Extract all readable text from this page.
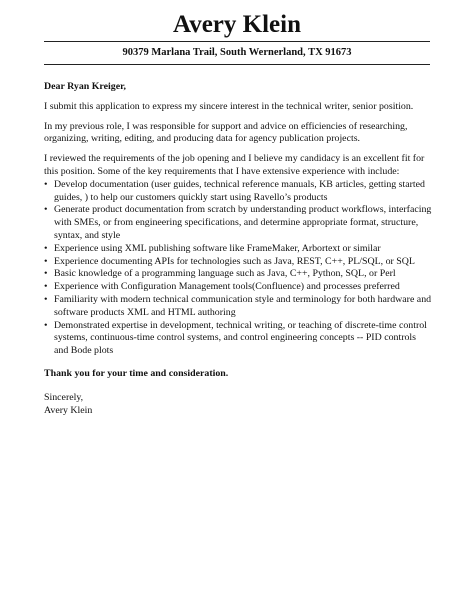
Avery Klein
90379 Marlana Trail, South Wernerland, TX 91673

Dear Ryan Kreiger,

I submit this application to express my sincere interest in the technical writer, senior position.

In my previous role, I was responsible for support and advice on efficiencies of researching, organizing, writing, editing, and producing data for agency publication projects.

I reviewed the requirements of the job opening and I believe my candidacy is an excellent fit for this position. Some of the key requirements that I have extensive experience with include:

• Develop documentation (user guides, technical reference manuals, KB articles, getting started guides, ) to help our customers quickly start using Ravello’s products
• Generate product documentation from scratch by understanding product workflows, interfacing with SMEs, or from engineering specifications, and determine appropriate format, structure, syntax, and style
• Experience using XML publishing software like FrameMaker, Arbortext or similar
• Experience documenting APIs for technologies such as Java, REST, C++, PL/SQL, or SQL
• Basic knowledge of a programming language such as Java, C++, Python, SQL, or Perl
• Experience with Configuration Management tools(Confluence) and processes preferred
• Familiarity with modern technical communication style and terminology for both hardware and software products XML and HTML authoring
• Demonstrated expertise in development, technical writing, or teaching of discrete-time control systems, continuous-time control systems, and control engineering concepts -- PID controls and Bode plots

Thank you for your time and consideration.

Sincerely,

Avery Klein
